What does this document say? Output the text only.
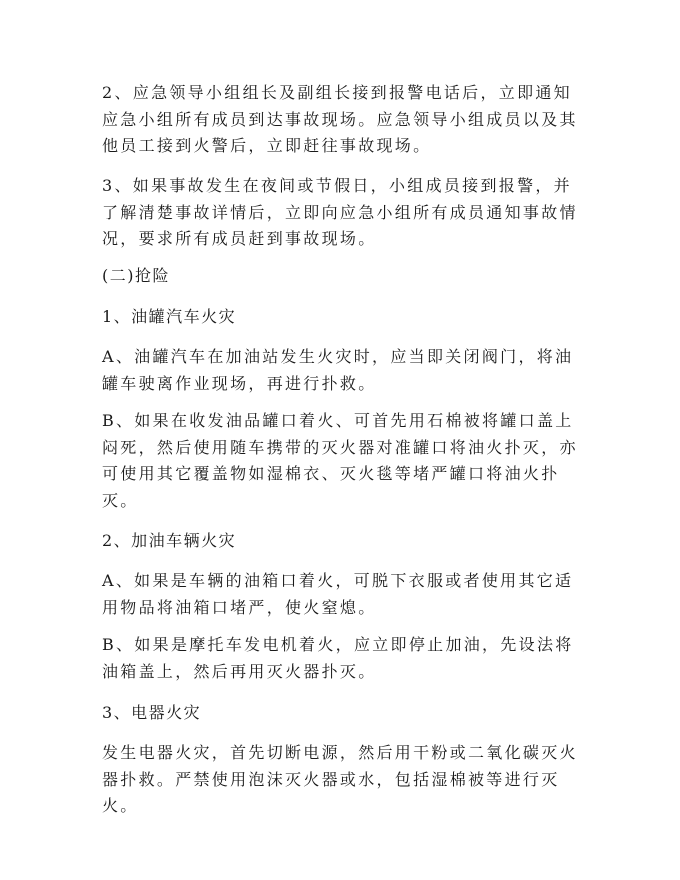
2、应急领导小组组长及副组长接到报警电话后，立即通知应急小组所有成员到达事故现场。应急领导小组成员以及其他员工接到火警后，立即赶往事故现场。

3、如果事故发生在夜间或节假日，小组成员接到报警，并了解清楚事故详情后，立即向应急小组所有成员通知事故情况，要求所有成员赶到事故现场。

(二)抢险

1、油罐汽车火灾

A、油罐汽车在加油站发生火灾时，应当即关闭阀门，将油罐车驶离作业现场，再进行扑救。

B、如果在收发油品罐口着火、可首先用石棉被将罐口盖上闷死，然后使用随车携带的灭火器对准罐口将油火扑灭，亦可使用其它覆盖物如湿棉衣、灭火毯等堵严罐口将油火扑灭。

2、加油车辆火灾

A、如果是车辆的油箱口着火，可脱下衣服或者使用其它适用物品将油箱口堵严，使火窒熄。

B、如果是摩托车发电机着火，应立即停止加油，先设法将油箱盖上，然后再用灭火器扑灭。

3、电器火灾

发生电器火灾，首先切断电源，然后用干粉或二氧化碳灭火器扑救。严禁使用泡沫灭火器或水，包括湿棉被等进行灭火。
